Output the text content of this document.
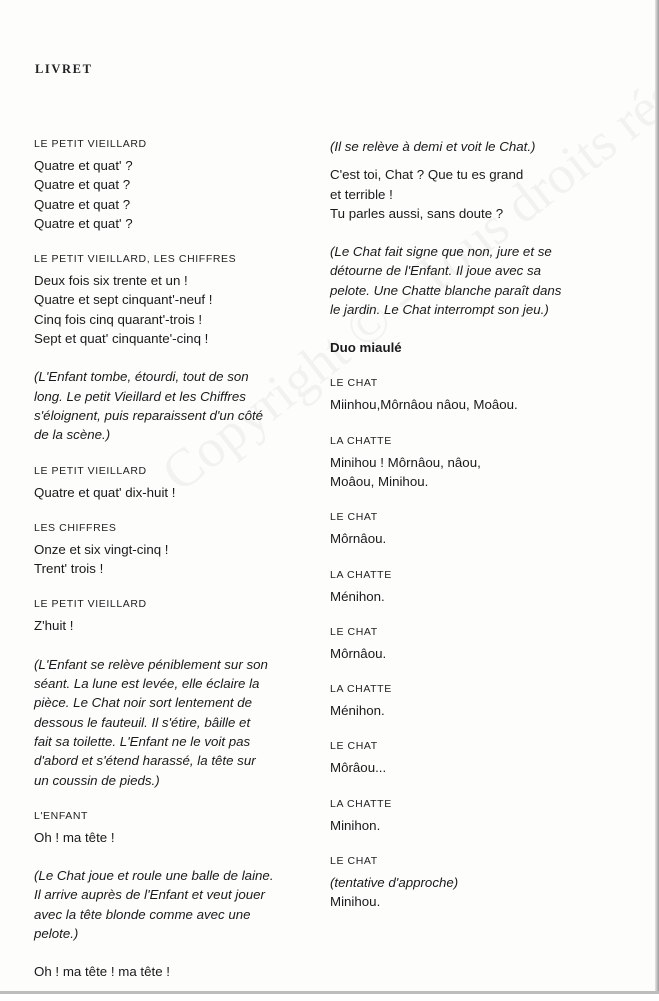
LIVRET
LE PETIT VIEILLARD
Quatre et quat' ?
Quatre et quat ?
Quatre et quat ?
Quatre et quat' ?
LE PETIT VIEILLARD, LES CHIFFRES
Deux fois six trente et un !
Quatre et sept cinquant'-neuf !
Cinq fois cinq quarant'-trois !
Sept et quat' cinquante'-cinq !
(L'Enfant tombe, étourdi, tout de son
long. Le petit Vieillard et les Chiffres
s'éloignent, puis reparaissent d'un côté
de la scène.)
LE PETIT VIEILLARD
Quatre et quat' dix-huit !
LES CHIFFRES
Onze et six vingt-cinq !
Trent' trois !
LE PETIT VIEILLARD
Z'huit !
(L'Enfant se relève péniblement sur son
séant. La lune est levée, elle éclaire la
pièce. Le Chat noir sort lentement de
dessous le fauteuil. Il s'étire, bâille et
fait sa toilette. L'Enfant ne le voit pas
d'abord et s'étend harassé, la tête sur
un coussin de pieds.)
L'ENFANT
Oh ! ma tête !
(Le Chat joue et roule une balle de laine.
Il arrive auprès de l'Enfant et veut jouer
avec la tête blonde comme avec une
pelote.)
Oh ! ma tête ! ma tête !
(Il se relève à demi et voit le Chat.)
C'est toi, Chat ? Que tu es grand
et terrible !
Tu parles aussi, sans doute ?
(Le Chat fait signe que non, jure et se
détourne de l'Enfant. Il joue avec sa
pelote. Une Chatte blanche paraît dans
le jardin. Le Chat interrompt son jeu.)
Duo miaulé
LE CHAT
Miinhou,Môrnâou nâou, Moâou.
LA CHATTE
Minihou ! Môrnâou, nâou,
Moâou, Minihou.
LE CHAT
Môrnâou.
LA CHATTE
Ménihon.
LE CHAT
Môrnâou.
LA CHATTE
Ménihon.
LE CHAT
Môrâou...
LA CHATTE
Minihon.
LE CHAT
(tentative d'approche)
Minihou.
